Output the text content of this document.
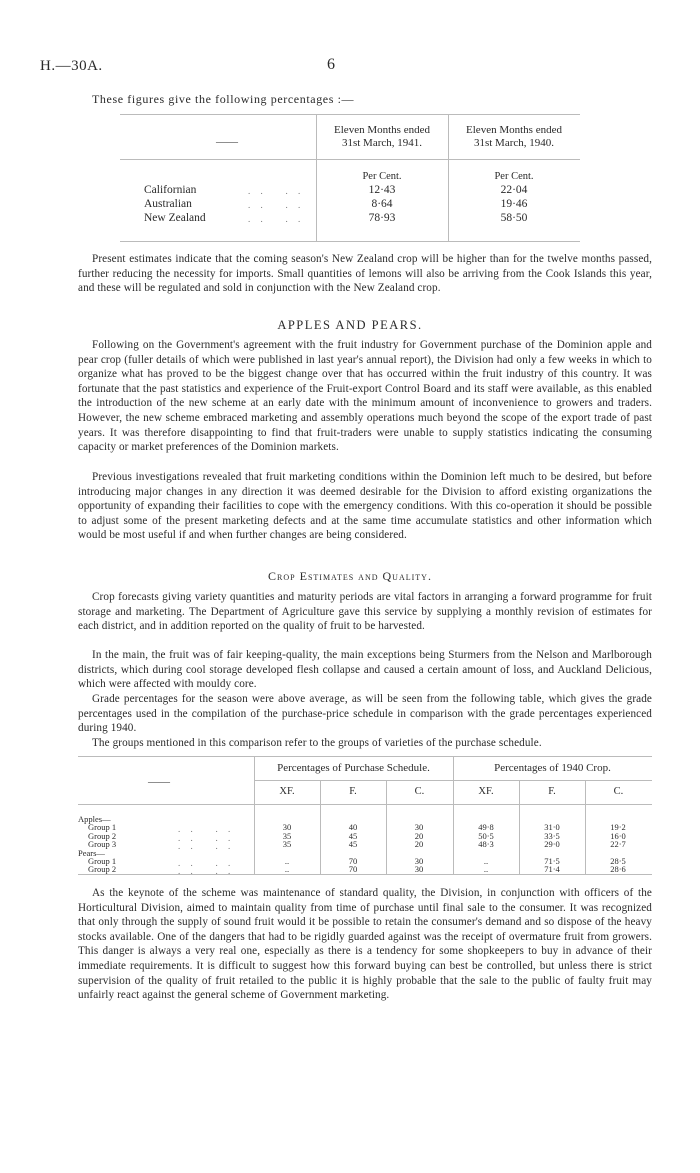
H.—30A.	6
These figures give the following percentages :—
——
Eleven Months ended
31st March, 1941.
Eleven Months ended
31st March, 1940.
Per Cent.	Per Cent.
Californian	. .   . .	12·43	22·04
Australian	. .   . .	8·64	19·46
New Zealand	. .   . .	78·93	58·50

Present estimates indicate that the coming season's New Zealand crop will be higher than for the twelve months passed, further reducing the necessity for imports. Small quantities of lemons will also be arriving from the Cook Islands this year, and these will be regulated and sold in conjunction with the New Zealand crop.

APPLES AND PEARS.

Following on the Government's agreement with the fruit industry for Government purchase of the Dominion apple and pear crop (fuller details of which were published in last year's annual report), the Division had only a few weeks in which to organize what has proved to be the biggest change over that has occurred within the fruit industry of this country. It was fortunate that the past statistics and experience of the Fruit-export Control Board and its staff were available, as this enabled the introduction of the new scheme at an early date with the minimum amount of inconvenience to growers and traders. However, the new scheme embraced marketing and assembly operations much beyond the scope of the export trade of past years. It was therefore disappointing to find that fruit-traders were unable to supply statistics indicating the consuming capacity or market preferences of the Dominion markets.

Previous investigations revealed that fruit marketing conditions within the Dominion left much to be desired, but before introducing major changes in any direction it was deemed desirable for the Division to afford existing organizations the opportunity of expanding their facilities to cope with the emergency conditions. With this co-operation it should be possible to adjust some of the present marketing defects and at the same time accumulate statistics and other information which would be most useful if and when further changes are being considered.

Crop Estimates and Quality.

Crop forecasts giving variety quantities and maturity periods are vital factors in arranging a forward programme for fruit storage and marketing. The Department of Agriculture gave this service by supplying a monthly revision of estimates for each district, and in addition reported on the quality of fruit to be harvested.

——
Percentages of Purchase Schedule.	Percentages of 1940 Crop.
XF.	F.	C.	XF.	F.	C.
Apples—
Group 1	. .   . .	30	40	30	49·8	31·0	19·2
Group 2	. .   . .	35	45	20	50·5	33·5	16·0
Group 3	. .   . .	35	45	20	48·3	29·0	22·7
Pears—
Group 1	. .   . .	..	70	30	..	71·5	28·5
Group 2	. .   . .	..	70	30	..	71·4	28·6

As the keynote of the scheme was maintenance of standard quality, the Division, in conjunction with officers of the Horticultural Division, aimed to maintain quality from time of purchase until final sale to the consumer. It was recognized that only through the supply of sound fruit would it be possible to retain the consumer's demand and so dispose of the heavy stocks available. One of the dangers that had to be rigidly guarded against was the receipt of overmature fruit from growers. This danger is always a very real one, especially as there is a tendency for some shopkeepers to buy in advance of their immediate requirements. It is difficult to suggest how this forward buying can best be controlled, but unless there is strict supervision of the quality of fruit retailed to the public it is highly probable that the sale to the public of faulty fruit may unfairly react against the general scheme of Government marketing.

In the main, the fruit was of fair keeping-quality, the main exceptions being Sturmers from the Nelson and Marlborough districts, which during cool storage developed flesh collapse and caused a certain amount of loss, and Auckland Delicious, which were affected with mouldy core.

Grade percentages for the season were above average, as will be seen from the following table, which gives the grade percentages used in the compilation of the purchase-price schedule in comparison with the grade percentages experienced during 1940.

The groups mentioned in this comparison refer to the groups of varieties of the purchase schedule.
